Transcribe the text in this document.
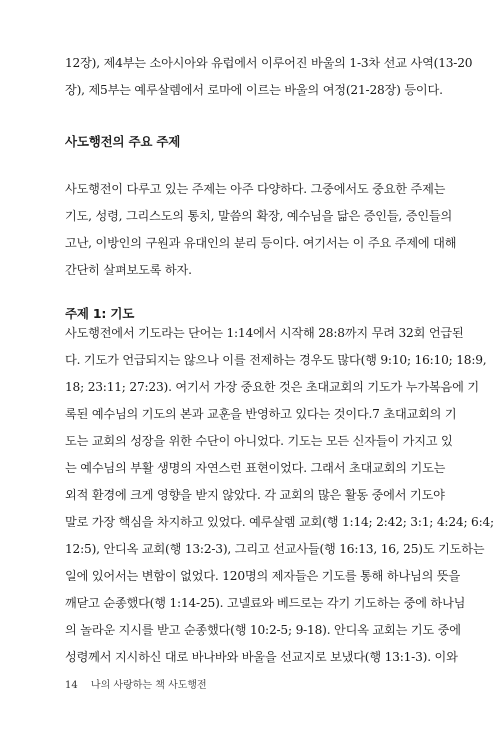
12장), 제4부는 소아시아와 유럽에서 이루어진 바울의 1-3차 선교 사역(13-20
장), 제5부는 예루살렘에서 로마에 이르는 바울의 여정(21-28장) 등이다.
사도행전의 주요 주제
사도행전이 다루고 있는 주제는 아주 다양하다. 그중에서도 중요한 주제는
기도, 성령, 그리스도의 통치, 말씀의 확장, 예수님을 닮은 증인들, 증인들의
고난, 이방인의 구원과 유대인의 분리 등이다. 여기서는 이 주요 주제에 대해
간단히 살펴보도록 하자.
주제 1: 기도
사도행전에서 기도라는 단어는 1:14에서 시작해 28:8까지 무려 32회 언급된
다. 기도가 언급되지는 않으나 이를 전제하는 경우도 많다(행 9:10; 16:10; 18:9,
18; 23:11; 27:23). 여기서 가장 중요한 것은 초대교회의 기도가 누가복음에 기
록된 예수님의 기도의 본과 교훈을 반영하고 있다는 것이다.7 초대교회의 기
도는 교회의 성장을 위한 수단이 아니었다. 기도는 모든 신자들이 가지고 있
는 예수님의 부활 생명의 자연스런 표현이었다. 그래서 초대교회의 기도는
외적 환경에 크게 영향을 받지 않았다. 각 교회의 많은 활동 중에서 기도야
말로 가장 핵심을 차지하고 있었다. 예루살렘 교회(행 1:14; 2:42; 3:1; 4:24; 6:4;
12:5), 안디옥 교회(행 13:2-3), 그리고 선교사들(행 16:13, 16, 25)도 기도하는
일에 있어서는 변함이 없었다. 120명의 제자들은 기도를 통해 하나님의 뜻을
깨닫고 순종했다(행 1:14-25). 고넬료와 베드로는 각기 기도하는 중에 하나님
의 놀라운 지시를 받고 순종했다(행 10:2-5; 9-18). 안디옥 교회는 기도 중에
성령께서 지시하신 대로 바나바와 바울을 선교지로 보냈다(행 13:1-3). 이와
14 나의 사랑하는 책 사도행전
